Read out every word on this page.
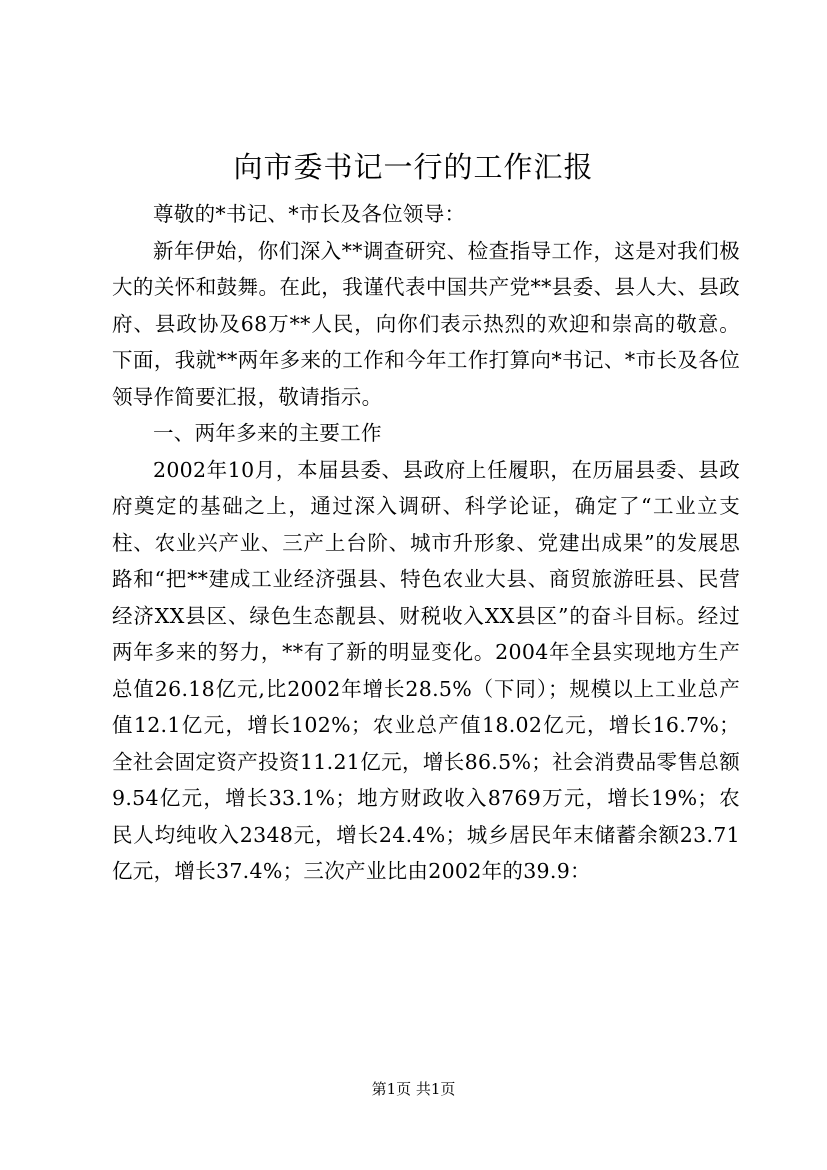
向市委书记一行的工作汇报

尊敬的*书记、*市长及各位领导：

新年伊始，你们深入**调查研究、检查指导工作，这是对我们极大的关怀和鼓舞。在此，我谨代表中国共产党**县委、县人大、县政府、县政协及68万**人民，向你们表示热烈的欢迎和崇高的敬意。下面，我就**两年多来的工作和今年工作打算向*书记、*市长及各位领导作简要汇报，敬请指示。

一、两年多来的主要工作

2002年10月，本届县委、县政府上任履职，在历届县委、县政府奠定的基础之上，通过深入调研、科学论证，确定了“工业立支柱、农业兴产业、三产上台阶、城市升形象、党建出成果”的发展思路和“把**建成工业经济强县、特色农业大县、商贸旅游旺县、民营经济XX县区、绿色生态靓县、财税收入XX县区”的奋斗目标。经过两年多来的努力，**有了新的明显变化。2004年全县实现地方生产总值26.18亿元,比2002年增长28.5%（下同）；规模以上工业总产值12.1亿元，增长102%；农业总产值18.02亿元，增长16.7%；全社会固定资产投资11.21亿元，增长86.5%；社会消费品零售总额9.54亿元，增长33.1%；地方财政收入8769万元，增长19%；农民人均纯收入2348元，增长24.4%；城乡居民年末储蓄余额23.71亿元，增长37.4%；三次产业比由2002年的39.9：

第1页 共1页
